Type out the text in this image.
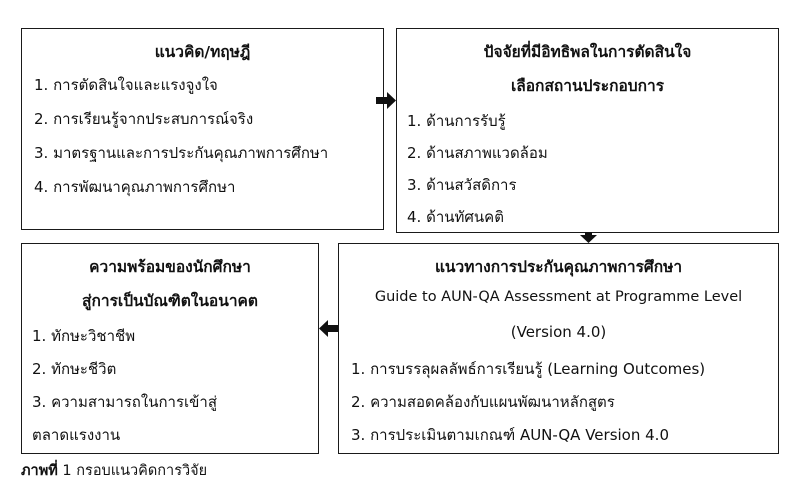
แนวคิด/ทฤษฎี
1. การตัดสินใจและแรงจูงใจ
2. การเรียนรู้จากประสบการณ์จริง
3. มาตรฐานและการประกันคุณภาพการศึกษา
4. การพัฒนาคุณภาพการศึกษา
ปัจจัยที่มีอิทธิพลในการตัดสินใจ
เลือกสถานประกอบการ
1. ด้านการรับรู้
2. ด้านสภาพแวดล้อม
3. ด้านสวัสดิการ
4. ด้านทัศนคติ
ความพร้อมของนักศึกษา
สู่การเป็นบัณฑิตในอนาคต
1. ทักษะวิชาชีพ
2. ทักษะชีวิต
3. ความสามารถในการเข้าสู่
ตลาดแรงงาน
แนวทางการประกันคุณภาพการศึกษา
Guide to AUN-QA Assessment at Programme Level
(Version 4.0)
1. การบรรลุผลลัพธ์การเรียนรู้ (Learning Outcomes)
2. ความสอดคล้องกับแผนพัฒนาหลักสูตร
3. การประเมินตามเกณฑ์ AUN-QA Version 4.0
ภาพที่ 1 กรอบแนวคิดการวิจัย
